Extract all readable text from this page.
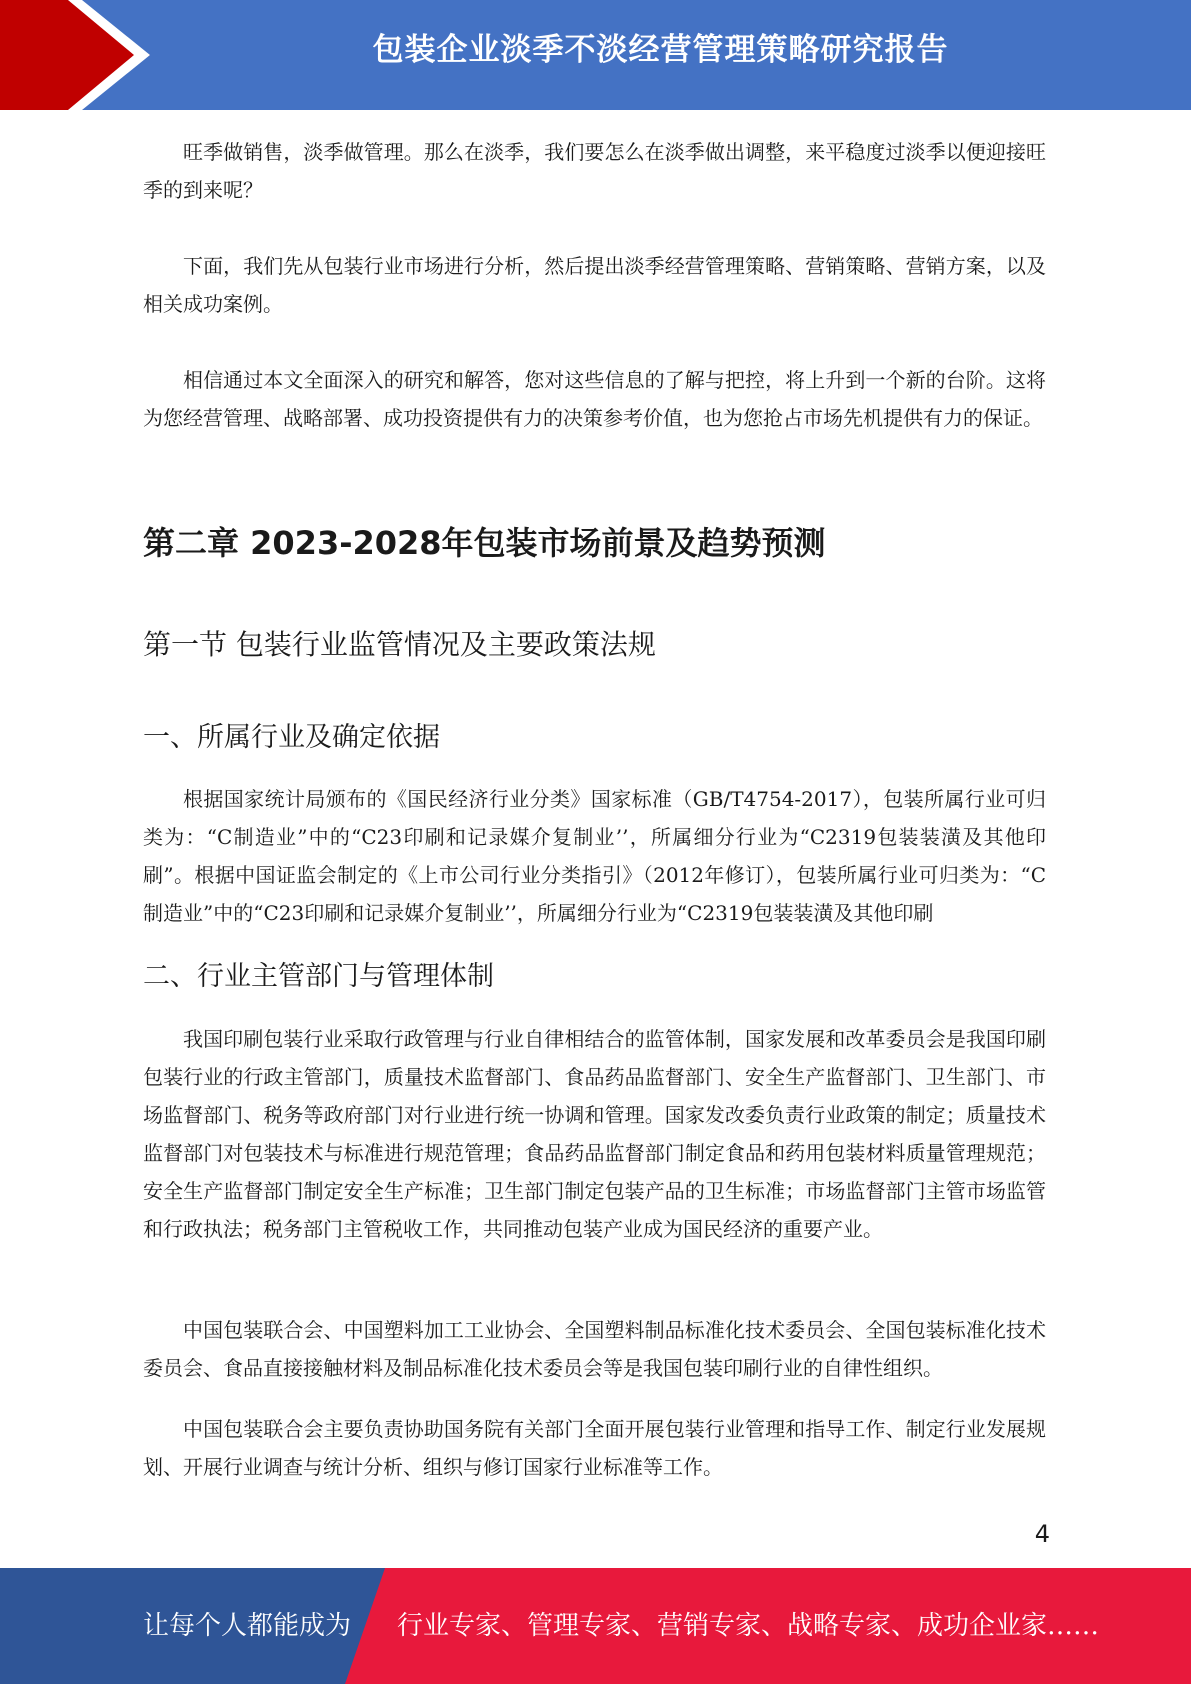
包装企业淡季不淡经营管理策略研究报告

旺季做销售，淡季做管理。那么在淡季，我们要怎么在淡季做出调整，来平稳度过淡季以便迎接旺季的到来呢？

下面，我们先从包装行业市场进行分析，然后提出淡季经营管理策略、营销策略、营销方案，以及相关成功案例。

相信通过本文全面深入的研究和解答，您对这些信息的了解与把控，将上升到一个新的台阶。这将为您经营管理、战略部署、成功投资提供有力的决策参考价值，也为您抢占市场先机提供有力的保证。

第二章 2023-2028年包装市场前景及趋势预测
第一节 包装行业监管情况及主要政策法规
一、所属行业及确定依据

根据国家统计局颁布的《国民经济行业分类》国家标准（GB/T4754-2017），包装所属行业可归类为：“C制造业”中的“C23印刷和记录媒介复制业’’，所属细分行业为“C2319包装装潢及其他印刷”。根据中国证监会制定的《上市公司行业分类指引》（2012年修订），包装所属行业可归类为：“C制造业”中的“C23印刷和记录媒介复制业’’，所属细分行业为“C2319包装装潢及其他印刷

二、行业主管部门与管理体制

我国印刷包装行业采取行政管理与行业自律相结合的监管体制，国家发展和改革委员会是我国印刷包装行业的行政主管部门，质量技术监督部门、食品药品监督部门、安全生产监督部门、卫生部门、市场监督部门、税务等政府部门对行业进行统一协调和管理。国家发改委负责行业政策的制定；质量技术监督部门对包装技术与标准进行规范管理；食品药品监督部门制定食品和药用包装材料质量管理规范；安全生产监督部门制定安全生产标准；卫生部门制定包装产品的卫生标准；市场监督部门主管市场监管和行政执法；税务部门主管税收工作，共同推动包装产业成为国民经济的重要产业。

中国包装联合会、中国塑料加工工业协会、全国塑料制品标准化技术委员会、全国包装标准化技术委员会、食品直接接触材料及制品标准化技术委员会等是我国包装印刷行业的自律性组织。

中国包装联合会主要负责协助国务院有关部门全面开展包装行业管理和指导工作、制定行业发展规划、开展行业调查与统计分析、组织与修订国家行业标准等工作。

4
让每个人都能成为 行业专家、管理专家、营销专家、战略专家、成功企业家……
